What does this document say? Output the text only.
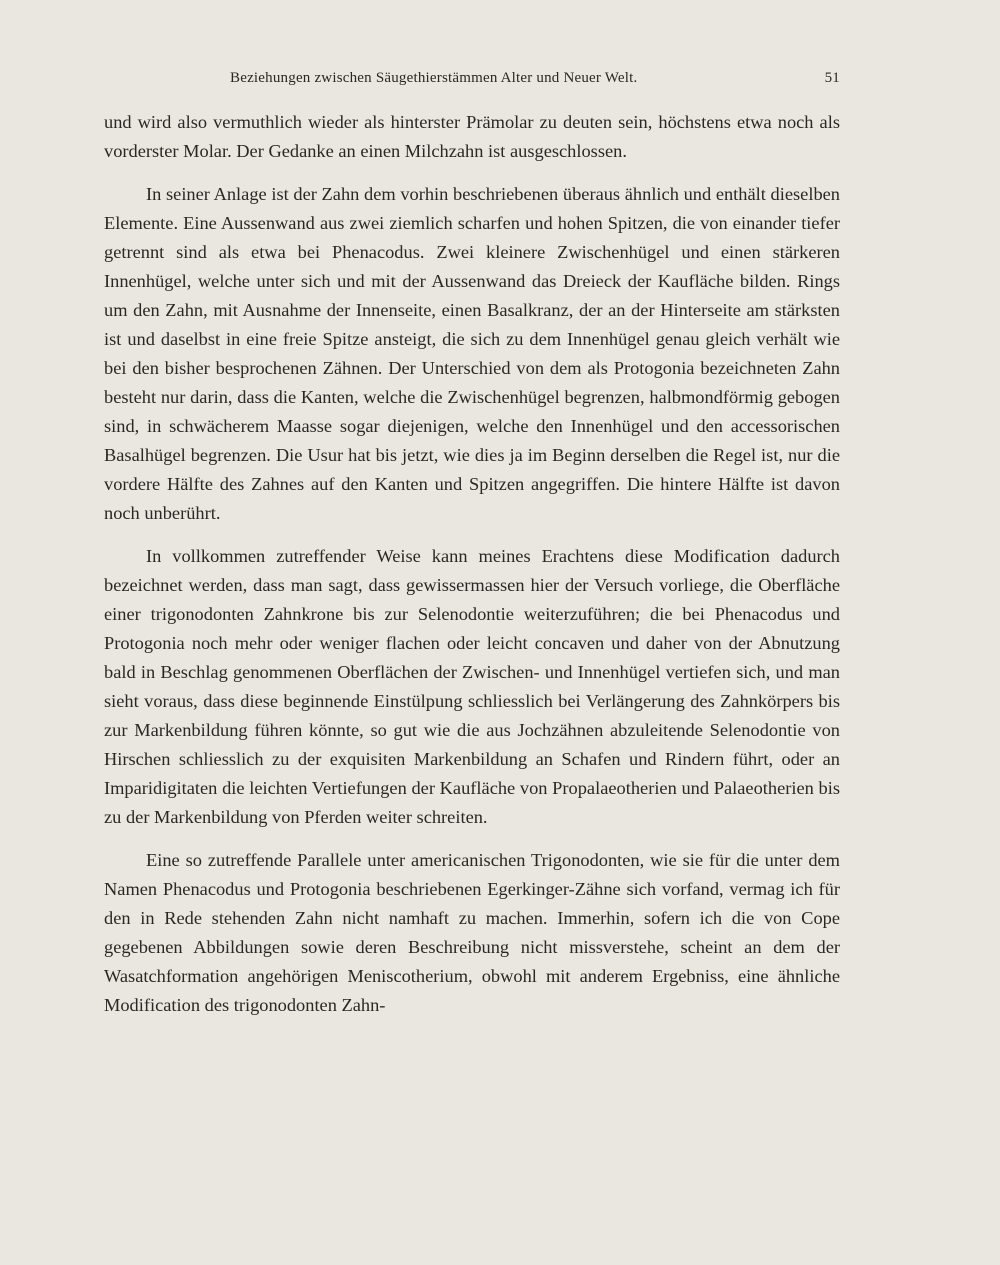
Beziehungen zwischen Säugethierstämmen Alter und Neuer Welt.	51

und wird also vermuthlich wieder als hinterster Prämolar zu deuten sein, höchstens etwa noch als vorderster Molar. Der Gedanke an einen Milchzahn ist ausgeschlossen.

In seiner Anlage ist der Zahn dem vorhin beschriebenen überaus ähnlich und enthält dieselben Elemente. Eine Aussenwand aus zwei ziemlich scharfen und hohen Spitzen, die von einander tiefer getrennt sind als etwa bei Phenacodus. Zwei kleinere Zwischenhügel und einen stärkeren Innenhügel, welche unter sich und mit der Aussenwand das Dreieck der Kaufläche bilden. Rings um den Zahn, mit Ausnahme der Innenseite, einen Basalkranz, der an der Hinterseite am stärksten ist und daselbst in eine freie Spitze ansteigt, die sich zu dem Innenhügel genau gleich verhält wie bei den bisher besprochenen Zähnen. Der Unterschied von dem als Protogonia bezeichneten Zahn besteht nur darin, dass die Kanten, welche die Zwischenhügel begrenzen, halbmondförmig gebogen sind, in schwächerem Maasse sogar diejenigen, welche den Innenhügel und den accessorischen Basalhügel begrenzen. Die Usur hat bis jetzt, wie dies ja im Beginn derselben die Regel ist, nur die vordere Hälfte des Zahnes auf den Kanten und Spitzen angegriffen. Die hintere Hälfte ist davon noch unberührt.

In vollkommen zutreffender Weise kann meines Erachtens diese Modification dadurch bezeichnet werden, dass man sagt, dass gewissermassen hier der Versuch vorliege, die Oberfläche einer trigonodonten Zahnkrone bis zur Selenodontie weiterzuführen; die bei Phenacodus und Protogonia noch mehr oder weniger flachen oder leicht concaven und daher von der Abnutzung bald in Beschlag genommenen Oberflächen der Zwischen- und Innenhügel vertiefen sich, und man sieht voraus, dass diese beginnende Einstülpung schliesslich bei Verlängerung des Zahnkörpers bis zur Markenbildung führen könnte, so gut wie die aus Jochzähnen abzuleitende Selenodontie von Hirschen schliesslich zu der exquisiten Markenbildung an Schafen und Rindern führt, oder an Imparidigitaten die leichten Vertiefungen der Kaufläche von Propalaeotherien und Palaeotherien bis zu der Markenbildung von Pferden weiter schreiten.

Eine so zutreffende Parallele unter americanischen Trigonodonten, wie sie für die unter dem Namen Phenacodus und Protogonia beschriebenen Egerkinger-Zähne sich vorfand, vermag ich für den in Rede stehenden Zahn nicht namhaft zu machen. Immerhin, sofern ich die von Cope gegebenen Abbildungen sowie deren Beschreibung nicht missverstehe, scheint an dem der Wasatchformation angehörigen Meniscotherium, obwohl mit anderem Ergebniss, eine ähnliche Modification des trigonodonten Zahn-
